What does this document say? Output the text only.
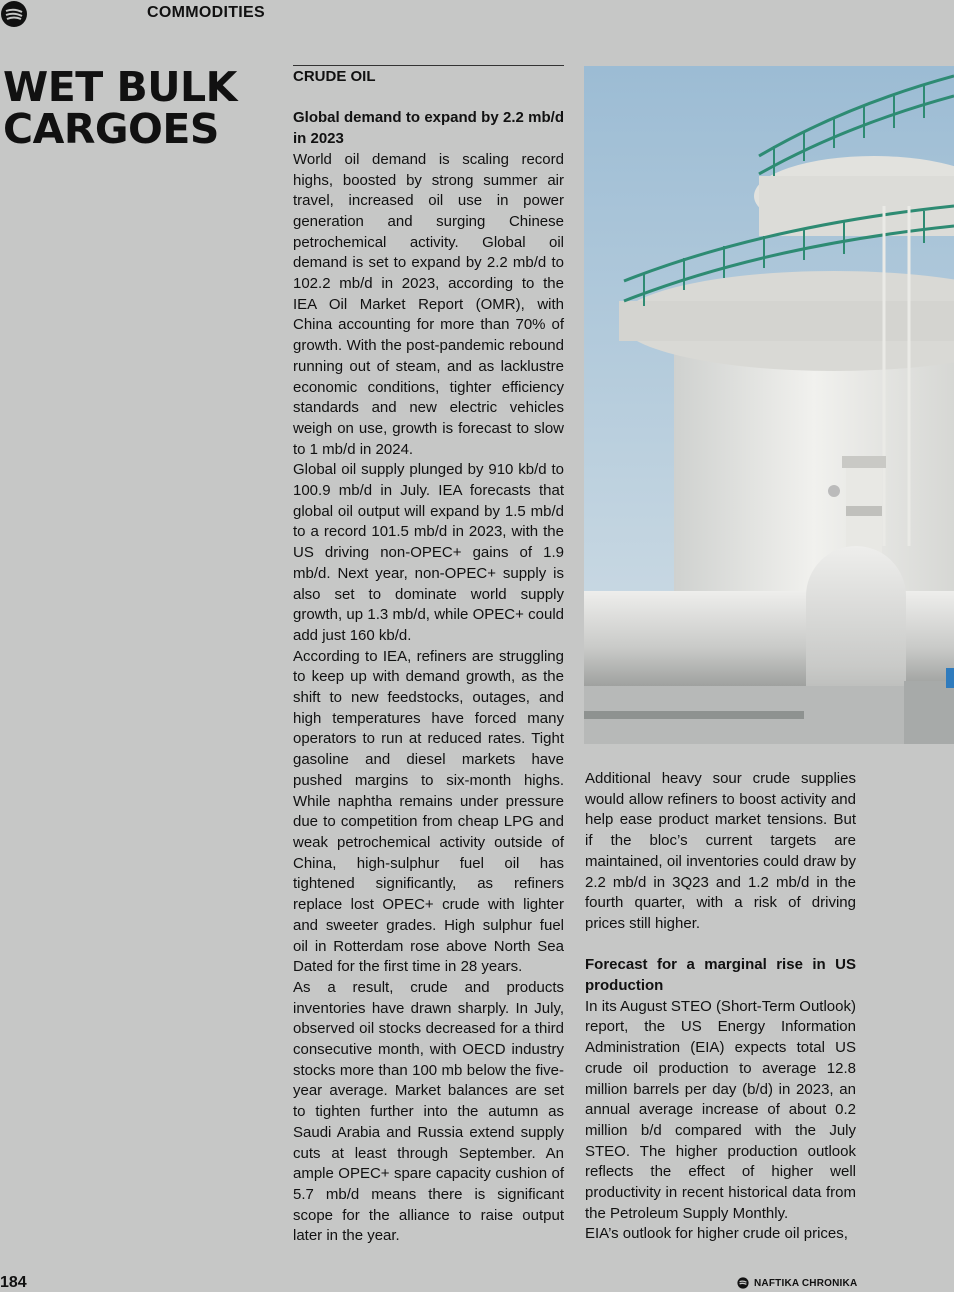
COMMODITIES
WET BULK
CARGOES

CRUDE OIL

Global demand to expand by 2.2 mb/d in 2023

World oil demand is scaling record highs, boosted by strong summer air travel, increased oil use in power generation and surging Chinese petrochemical activity. Global oil demand is set to expand by 2.2 mb/d to 102.2 mb/d in 2023, according to the IEA Oil Market Report (OMR), with China accounting for more than 70% of growth. With the post-pandemic rebound running out of steam, and as lacklustre economic conditions, tighter efficiency standards and new electric vehicles weigh on use, growth is forecast to slow to 1 mb/d in 2024.

Global oil supply plunged by 910 kb/d to 100.9 mb/d in July. IEA forecasts that global oil output will expand by 1.5 mb/d to a record 101.5 mb/d in 2023, with the US driving non-OPEC+ gains of 1.9 mb/d. Next year, non-OPEC+ supply is also set to dominate world supply growth, up 1.3 mb/d, while OPEC+ could add just 160 kb/d.

According to IEA, refiners are struggling to keep up with demand growth, as the shift to new feedstocks, outages, and high temperatures have forced many operators to run at reduced rates. Tight gasoline and diesel markets have pushed margins to six-month highs. While naphtha remains under pressure due to competition from cheap LPG and weak petrochemical activity outside of China, high-sulphur fuel oil has tightened significantly, as refiners replace lost OPEC+ crude with lighter and sweeter grades. High sulphur fuel oil in Rotterdam rose above North Sea Dated for the first time in 28 years.

As a result, crude and products inventories have drawn sharply. In July, observed oil stocks decreased for a third consecutive month, with OECD industry stocks more than 100 mb below the five-year average. Market balances are set to tighten further into the autumn as Saudi Arabia and Russia extend supply cuts at least through September. An ample OPEC+ spare capacity cushion of 5.7 mb/d means there is significant scope for the alliance to raise output later in the year.

Additional heavy sour crude supplies would allow refiners to boost activity and help ease product market tensions. But if the bloc’s current targets are maintained, oil inventories could draw by 2.2 mb/d in 3Q23 and 1.2 mb/d in the fourth quarter, with a risk of driving prices still higher.

Forecast for a marginal rise in US production

In its August STEO (Short-Term Outlook) report, the US Energy Information Administration (EIA) expects total US crude oil production to average 12.8 million barrels per day (b/d) in 2023, an annual average increase of about 0.2 million b/d compared with the July STEO. The higher production outlook reflects the effect of higher well productivity in recent historical data from the Petroleum Supply Monthly.

EIA’s outlook for higher crude oil prices,

184	NAFTIKA CHRONIKA
